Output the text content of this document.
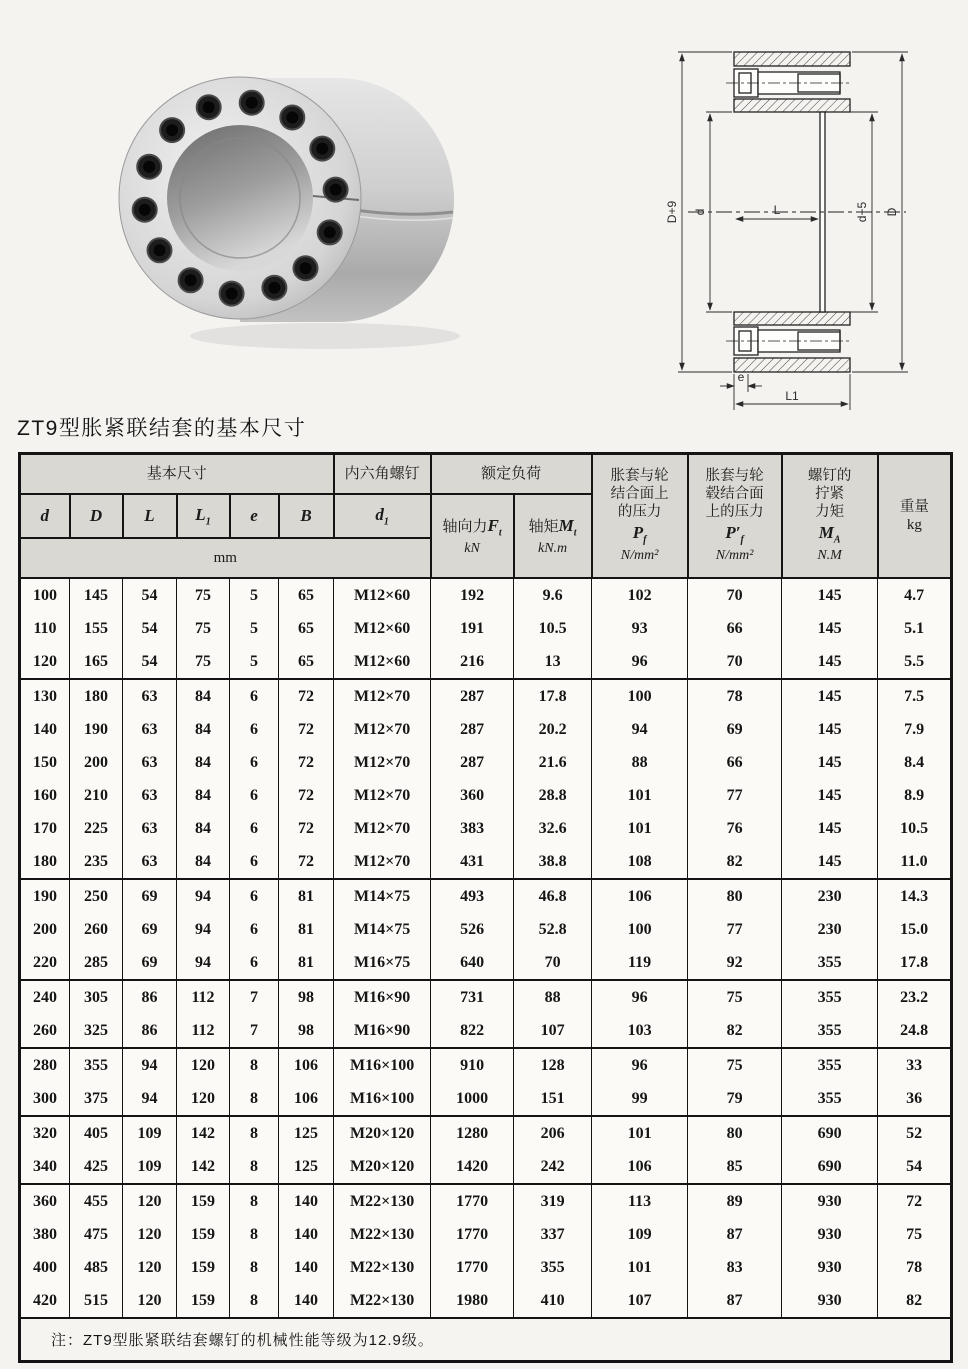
D+9 d	L	d+5 D
e
L1
ZT9型胀紧联结套的基本尺寸
基本尺寸						内六角螺钉	额定负荷		胀套与轮
结合面上
的压力
$P_f$
N/mm²	胀套与轮
毂结合面
上的压力
$P'_f$
N/mm²	螺钉的
拧紧
力矩
$M_A$
N.M	重量
kg

d	D	L	$L_1$	e	B	$d_1$	轴向力$F_t$
kN	轴矩$M_t$
kN.m				

mm												
100	145	54	75	5	65	M12×60	192	9.6	102	70	145	4.7
110	155	54	75	5	65	M12×60	191	10.5	93	66	145	5.1
120	165	54	75	5	65	M12×60	216	13	96	70	145	5.5
130	180	63	84	6	72	M12×70	287	17.8	100	78	145	7.5
140	190	63	84	6	72	M12×70	287	20.2	94	69	145	7.9
150	200	63	84	6	72	M12×70	287	21.6	88	66	145	8.4
160	210	63	84	6	72	M12×70	360	28.8	101	77	145	8.9
170	225	63	84	6	72	M12×70	383	32.6	101	76	145	10.5
180	235	63	84	6	72	M12×70	431	38.8	108	82	145	11.0
190	250	69	94	6	81	M14×75	493	46.8	106	80	230	14.3
200	260	69	94	6	81	M14×75	526	52.8	100	77	230	15.0
220	285	69	94	6	81	M16×75	640	70	119	92	355	17.8
240	305	86	112	7	98	M16×90	731	88	96	75	355	23.2
260	325	86	112	7	98	M16×90	822	107	103	82	355	24.8
280	355	94	120	8	106	M16×100	910	128	96	75	355	33
300	375	94	120	8	106	M16×100	1000	151	99	79	355	36
320	405	109	142	8	125	M20×120	1280	206	101	80	690	52
340	425	109	142	8	125	M20×120	1420	242	106	85	690	54
360	455	120	159	8	140	M22×130	1770	319	113	89	930	72
380	475	120	159	8	140	M22×130	1770	337	109	87	930	75
400	485	120	159	8	140	M22×130	1770	355	101	83	930	78
420	515	120	159	8	140	M22×130	1980	410	107	87	930	82
注：ZT9型胀紧联结套螺钉的机械性能等级为12.9级。												
